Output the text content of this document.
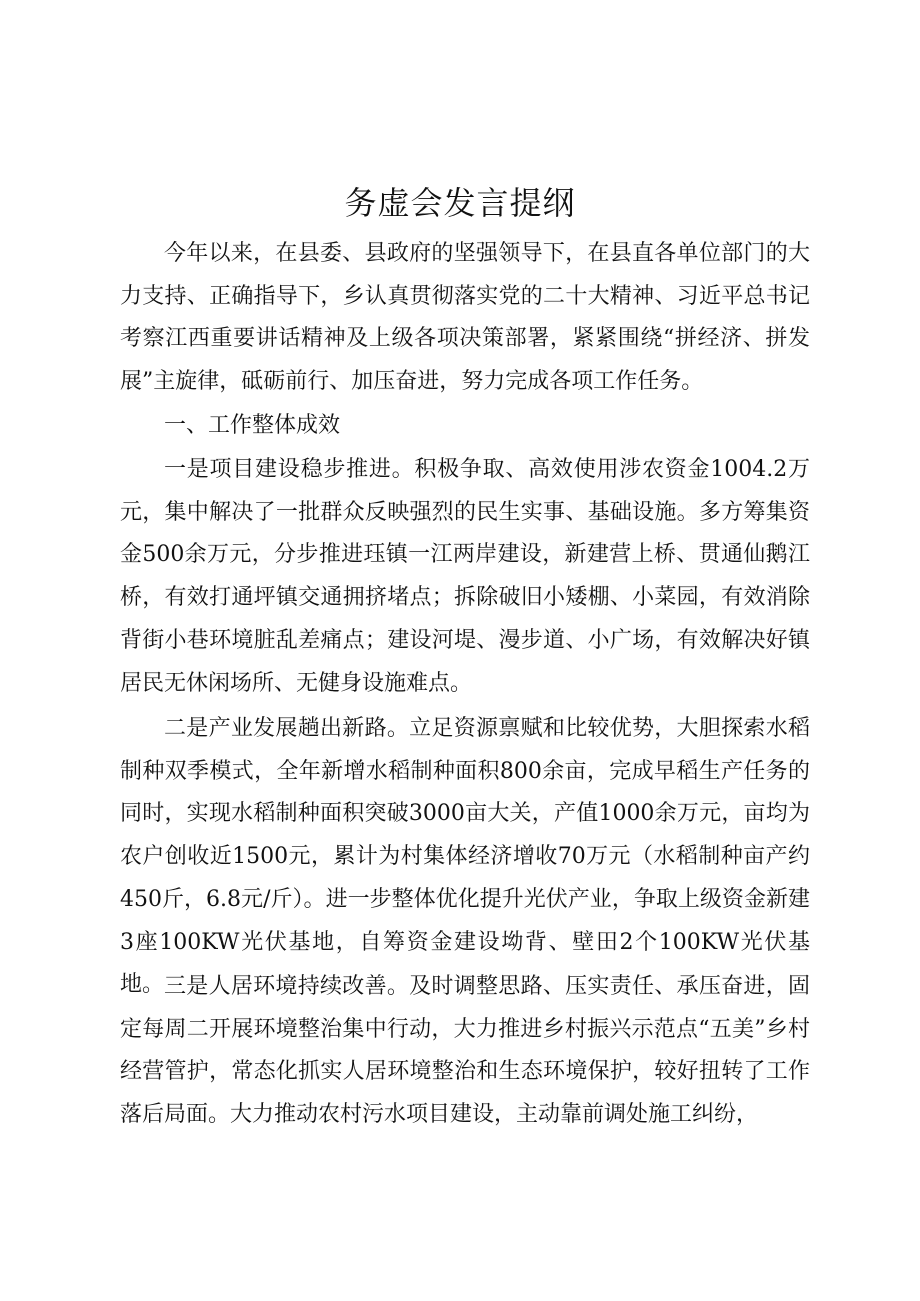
务虚会发言提纲
今年以来，在县委、县政府的坚强领导下，在县直各单位部门的大力支持、正确指导下，乡认真贯彻落实党的二十大精神、习近平总书记考察江西重要讲话精神及上级各项决策部署，紧紧围绕“拼经济、拼发展”主旋律，砥砺前行、加压奋进，努力完成各项工作任务。
一、工作整体成效
一是项目建设稳步推进。积极争取、高效使用涉农资金1004.2万元，集中解决了一批群众反映强烈的民生实事、基础设施。多方筹集资金500余万元，分步推进珏镇一江两岸建设，新建营上桥、贯通仙鹅江桥，有效打通坪镇交通拥挤堵点；拆除破旧小矮棚、小菜园，有效消除背街小巷环境脏乱差痛点；建设河堤、漫步道、小广场，有效解决好镇居民无休闲场所、无健身设施难点。
二是产业发展趟出新路。立足资源禀赋和比较优势，大胆探索水稻制种双季模式，全年新增水稻制种面积800余亩，完成早稻生产任务的同时，实现水稻制种面积突破3000亩大关，产值1000余万元，亩均为农户创收近1500元，累计为村集体经济增收70万元（水稻制种亩产约450斤，6.8元/斤）。进一步整体优化提升光伏产业，争取上级资金新建3座100KW光伏基地，自筹资金建设坳背、壁田2个100KW光伏基地。 三是人居环境持续改善。及时调整思路、压实责任、承压奋进，固定每周二开展环境整治集中行动，大力推进乡村振兴示范点“五美”乡村经营管护，常态化抓实人居环境整治和生态环境保护，较好扭转了工作落后局面。大力推动农村污水项目建设，主动靠前调处施工纠纷，
